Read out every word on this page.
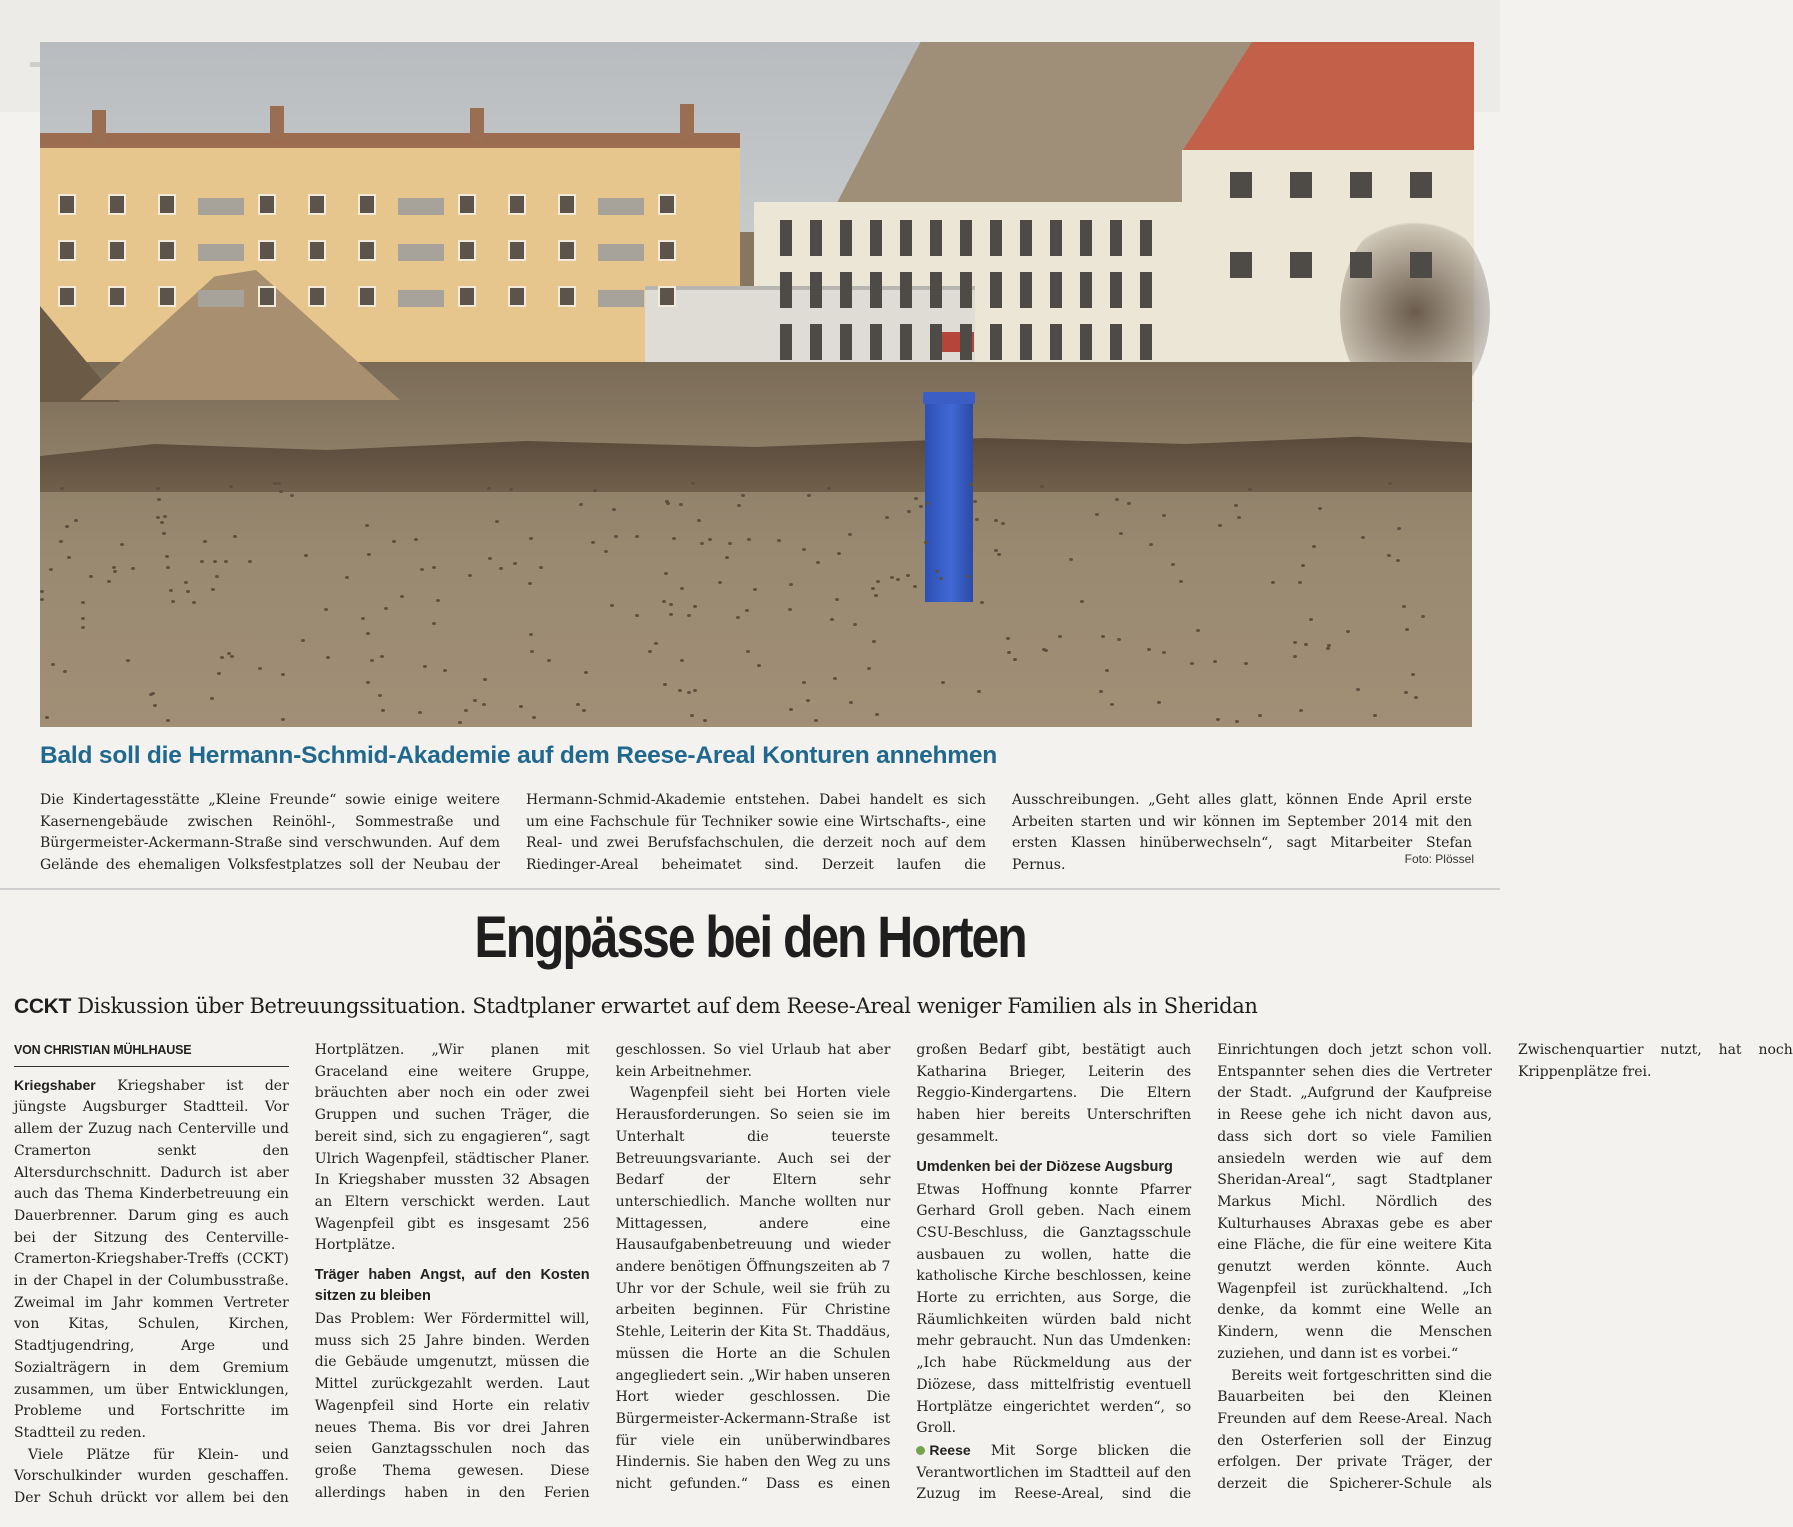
Bald soll die Hermann-Schmid-Akademie auf dem Reese-Areal Konturen annehmen

Die Kindertagesstätte „Kleine Freunde“ sowie einige weitere Kasernengebäude zwischen Reinöhl-, Sommestraße und Bürgermeister-Ackermann-Straße sind verschwunden. Auf dem Gelände des ehemaligen Volksfestplatzes soll der Neubau der Hermann-Schmid-Akademie entstehen. Dabei handelt es sich um eine Fachschule für Techniker sowie eine Wirtschafts-, eine Real- und zwei Berufsfachschulen, die derzeit noch auf dem Riedinger-Areal beheimatet sind. Derzeit laufen die Ausschreibungen. „Geht alles glatt, können Ende April erste Arbeiten starten und wir können im September 2014 mit den ersten Klassen hinüberwechseln“, sagt Mitarbeiter Stefan Pernus.	Foto: Plössel
Engpässe bei den Horten

CCKT Diskussion über Betreuungssituation. Stadtplaner erwartet auf dem Reese-Areal weniger Familien als in Sheridan

VON CHRISTIAN MÜHLHAUSE

Kriegshaber Kriegshaber ist der jüngste Augsburger Stadtteil. Vor allem der Zuzug nach Centerville und Cramerton senkt den Altersdurchschnitt. Dadurch ist aber auch das Thema Kinderbetreuung ein Dauerbrenner. Darum ging es auch bei der Sitzung des Centerville-Cramerton-Kriegshaber-Treffs (CCKT) in der Chapel in der Columbusstraße. Zweimal im Jahr kommen Vertreter von Kitas, Schulen, Kirchen, Stadtjugendring, Arge und Sozialträgern in dem Gremium zusammen, um über Entwicklungen, Probleme und Fortschritte im Stadtteil zu reden.

Viele Plätze für Klein- und Vorschulkinder wurden geschaffen. Der Schuh drückt vor allem bei den Hortplätzen. „Wir planen mit Graceland eine weitere Gruppe, bräuchten aber noch ein oder zwei Gruppen und suchen Träger, die bereit sind, sich zu engagieren“, sagt Ulrich Wagenpfeil, städtischer Planer. In Kriegshaber mussten 32 Absagen an Eltern verschickt werden. Laut Wagenpfeil gibt es insgesamt 256 Hortplätze.

Träger haben Angst, auf den Kosten sitzen zu bleiben

Das Problem: Wer Fördermittel will, muss sich 25 Jahre binden. Werden die Gebäude umgenutzt, müssen die Mittel zurückgezahlt werden. Laut Wagenpfeil sind Horte ein relativ neues Thema. Bis vor drei Jahren seien Ganztagsschulen noch das große Thema gewesen. Diese allerdings haben in den Ferien geschlossen. So viel Urlaub hat aber kein Arbeitnehmer.

Wagenpfeil sieht bei Horten viele Herausforderungen. So seien sie im Unterhalt die teuerste Betreuungsvariante. Auch sei der Bedarf der Eltern sehr unterschiedlich. Manche wollten nur Mittagessen, andere eine Hausaufgabenbetreuung und wieder andere benötigen Öffnungszeiten ab 7 Uhr vor der Schule, weil sie früh zu arbeiten beginnen. Für Christine Stehle, Leiterin der Kita St. Thaddäus, müssen die Horte an die Schulen angegliedert sein. „Wir haben unseren Hort wieder geschlossen. Die Bürgermeister-Ackermann-Straße ist für viele ein unüberwindbares Hindernis. Sie haben den Weg zu uns nicht gefunden.“ Dass es einen großen Bedarf gibt, bestätigt auch Katharina Brieger, Leiterin des Reggio-Kindergartens. Die Eltern haben hier bereits Unterschriften gesammelt.

Umdenken bei der Diözese Augsburg

Etwas Hoffnung konnte Pfarrer Gerhard Groll geben. Nach einem CSU-Beschluss, die Ganztagsschule ausbauen zu wollen, hatte die katholische Kirche beschlossen, keine Horte zu errichten, aus Sorge, die Räumlichkeiten würden bald nicht mehr gebraucht. Nun das Umdenken: „Ich habe Rückmeldung aus der Diözese, dass mittelfristig eventuell Hortplätze eingerichtet werden“, so Groll.

Reese Mit Sorge blicken die Verantwortlichen im Stadtteil auf den Zuzug im Reese-Areal, sind die Einrichtungen doch jetzt schon voll. Entspannter sehen dies die Vertreter der Stadt. „Aufgrund der Kaufpreise in Reese gehe ich nicht davon aus, dass sich dort so viele Familien ansiedeln werden wie auf dem Sheridan-Areal“, sagt Stadtplaner Markus Michl. Nördlich des Kulturhauses Abraxas gebe es aber eine Fläche, die für eine weitere Kita genutzt werden könnte. Auch Wagenpfeil ist zurückhaltend. „Ich denke, da kommt eine Welle an Kindern, wenn die Menschen zuziehen, und dann ist es vorbei.“

Bereits weit fortgeschritten sind die Bauarbeiten bei den Kleinen Freunden auf dem Reese-Areal. Nach den Osterferien soll der Einzug erfolgen. Der private Träger, der derzeit die Spicherer-Schule als Zwischenquartier nutzt, hat noch Krippenplätze frei.
